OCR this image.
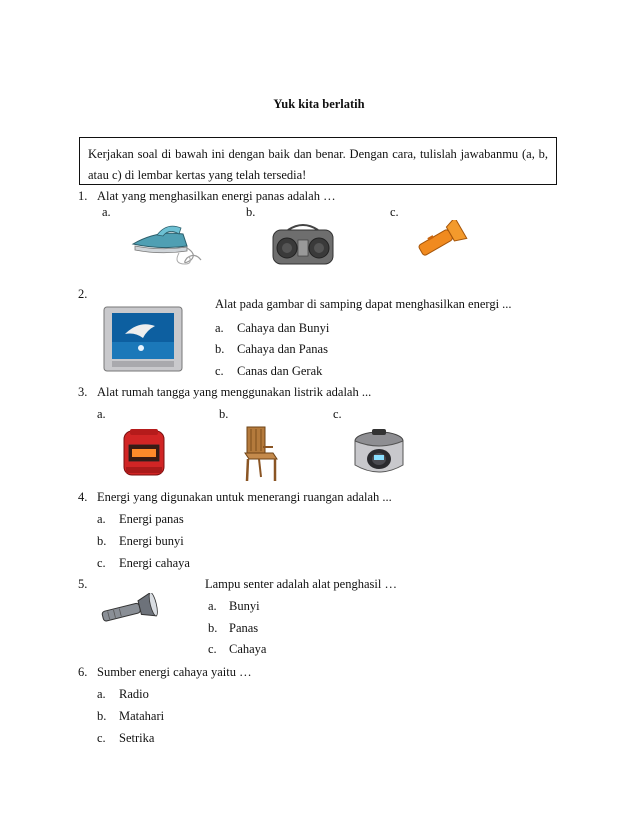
Yuk kita berlatih
Kerjakan soal di bawah ini dengan baik dan benar. Dengan cara, tulislah jawabanmu (a, b,
atau c) di lembar kertas yang telah tersedia!
1. Alat yang menghasilkan energi panas adalah …
a.	b.	c.
2.
Alat pada gambar di samping dapat menghasilkan energi ...
a. Cahaya dan Bunyi
b. Cahaya dan Panas
c. Canas dan Gerak
3. Alat rumah tangga yang menggunakan listrik adalah ...
a.	b.	c.
4. Energi yang digunakan untuk menerangi ruangan adalah ...
a. Energi panas
b. Energi bunyi
c. Energi cahaya
5.	Lampu senter adalah alat penghasil …
a. Bunyi
b. Panas
c. Cahaya
6. Sumber energi cahaya yaitu …
a. Radio
b. Matahari
c. Setrika
